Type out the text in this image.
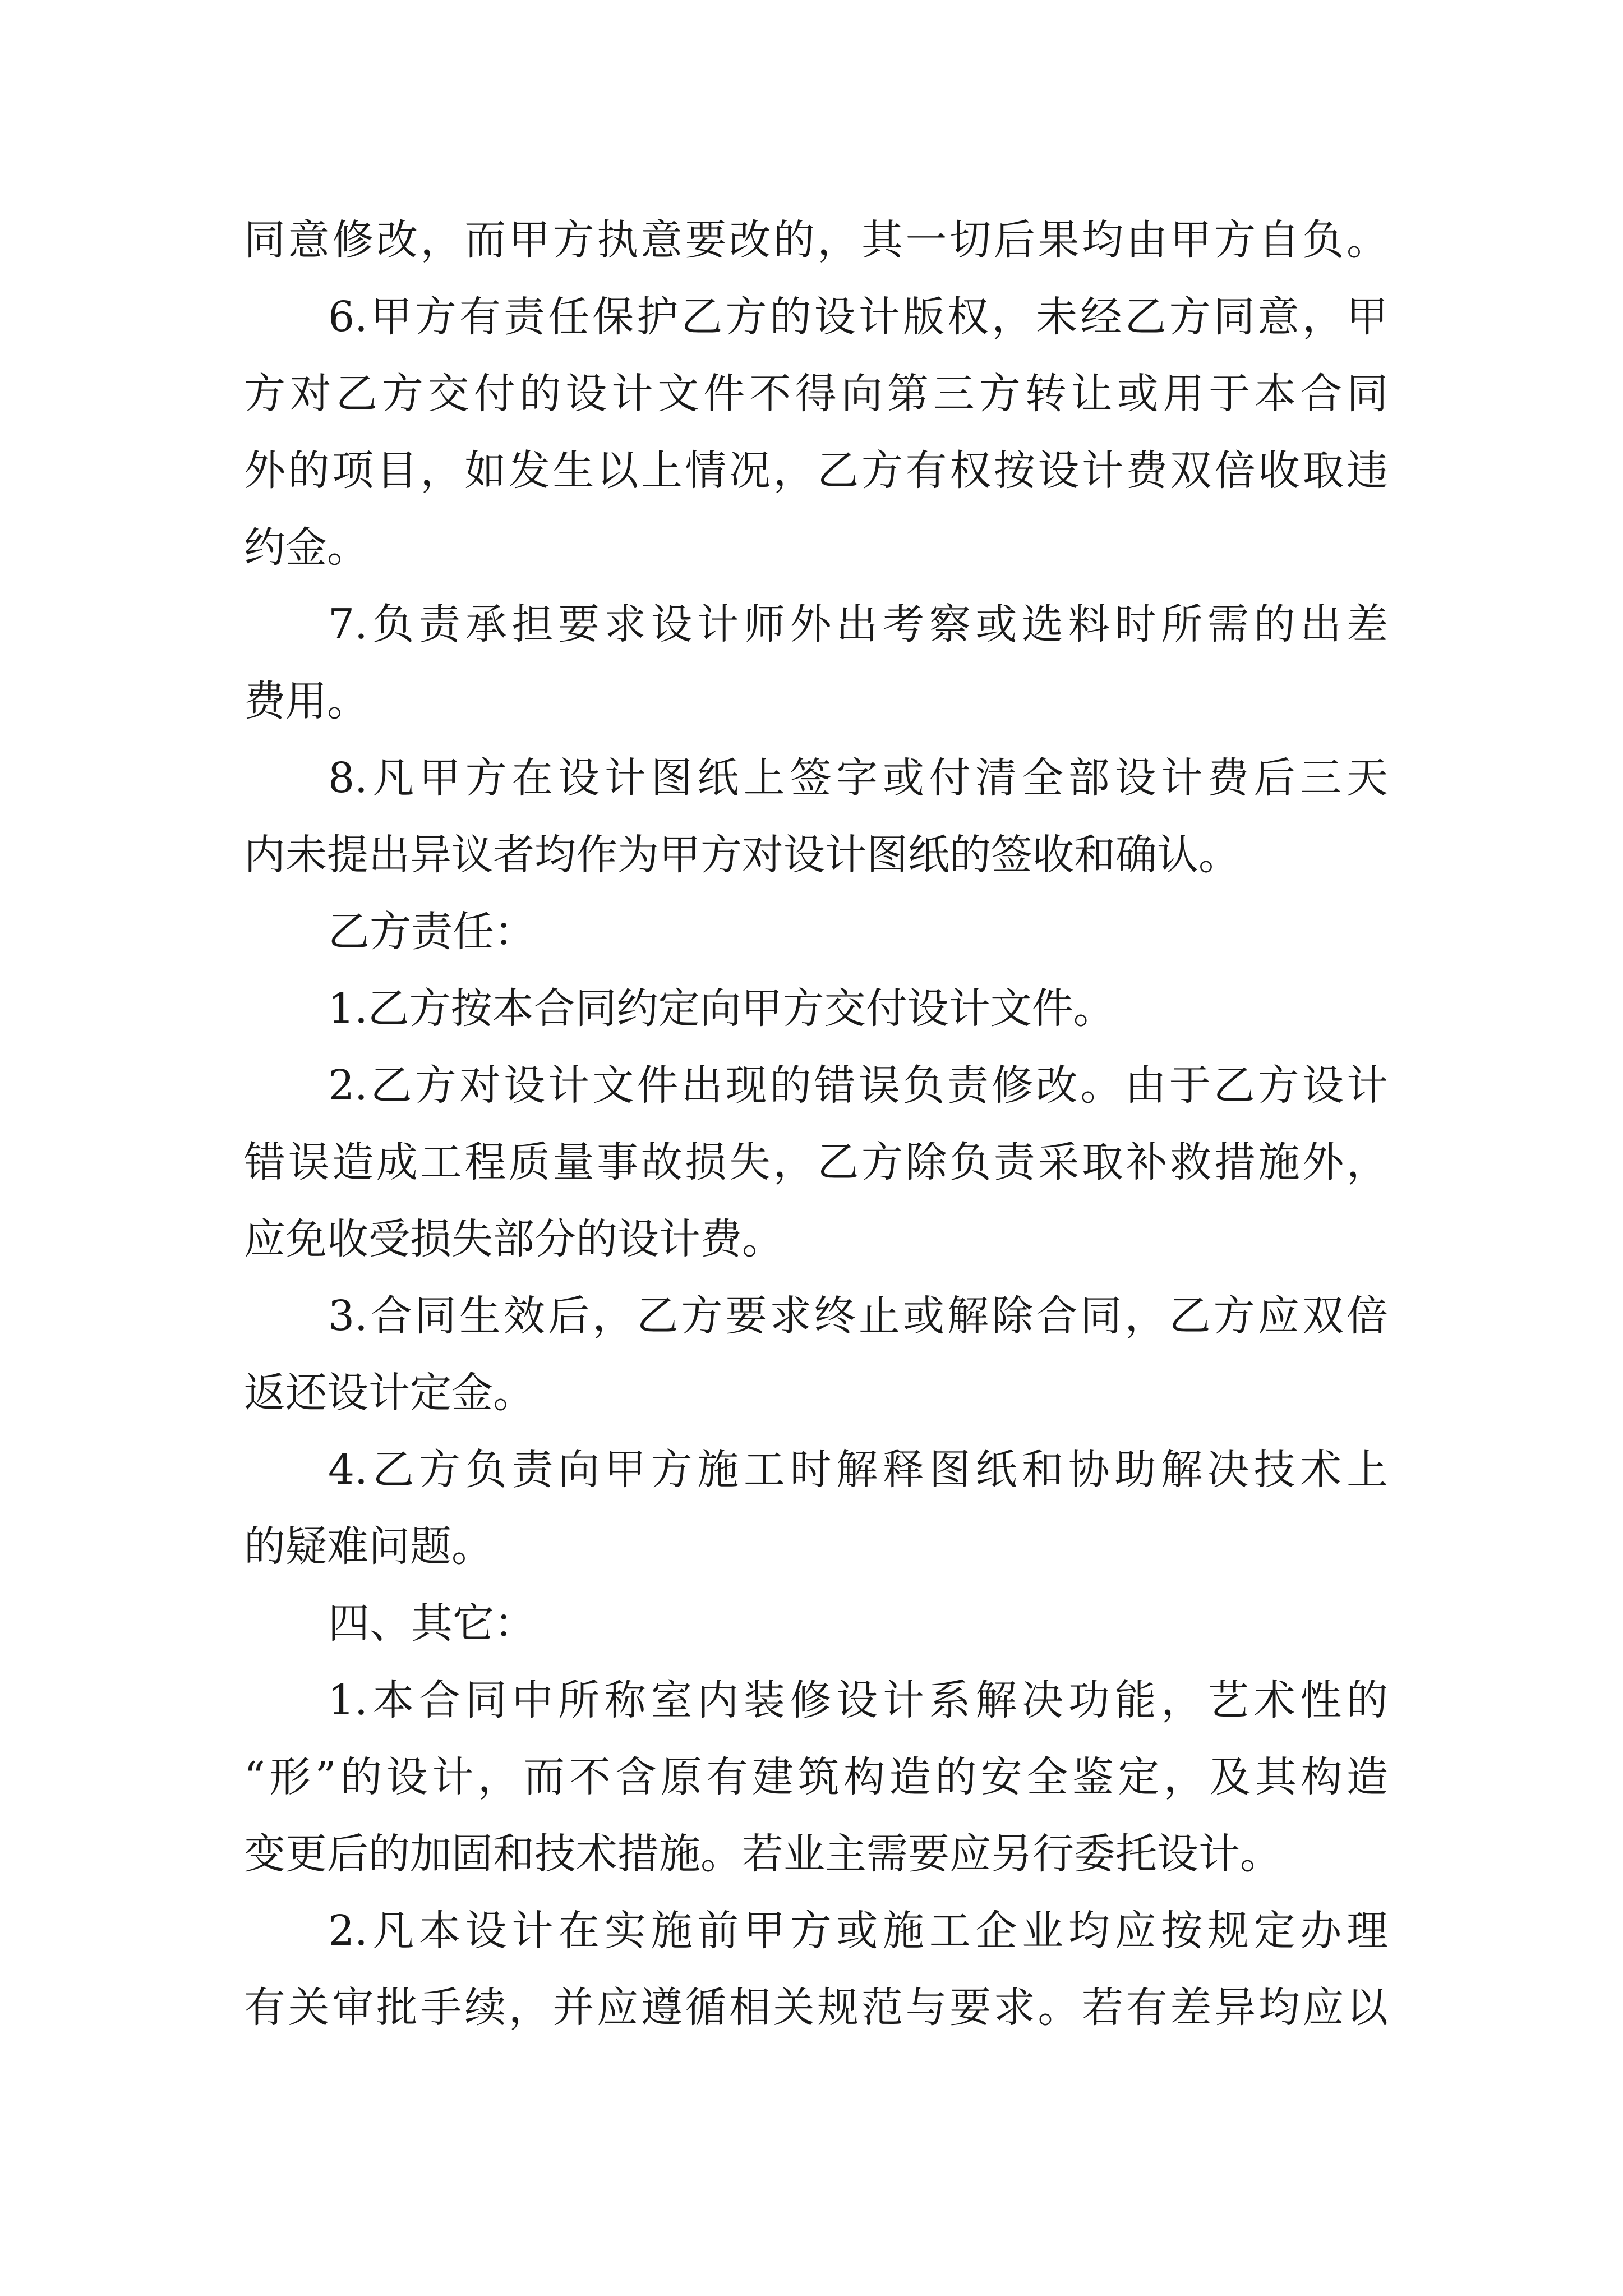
同意修改，而甲方执意要改的，其一切后果均由甲方自负。
6.甲方有责任保护乙方的设计版权，未经乙方同意，甲
方对乙方交付的设计文件不得向第三方转让或用于本合同
外的项目，如发生以上情况，乙方有权按设计费双倍收取违
约金。
7.负责承担要求设计师外出考察或选料时所需的出差
费用。
8.凡甲方在设计图纸上签字或付清全部设计费后三天
内未提出异议者均作为甲方对设计图纸的签收和确认。
乙方责任：
1.乙方按本合同约定向甲方交付设计文件。
2.乙方对设计文件出现的错误负责修改。由于乙方设计
错误造成工程质量事故损失，乙方除负责采取补救措施外，
应免收受损失部分的设计费。
3.合同生效后，乙方要求终止或解除合同，乙方应双倍
返还设计定金。
4.乙方负责向甲方施工时解释图纸和协助解决技术上
的疑难问题。
四、其它：
1.本合同中所称室内装修设计系解决功能，艺术性的
“形”的设计，而不含原有建筑构造的安全鉴定，及其构造
变更后的加固和技术措施。若业主需要应另行委托设计。
2.凡本设计在实施前甲方或施工企业均应按规定办理
有关审批手续，并应遵循相关规范与要求。若有差异均应以
